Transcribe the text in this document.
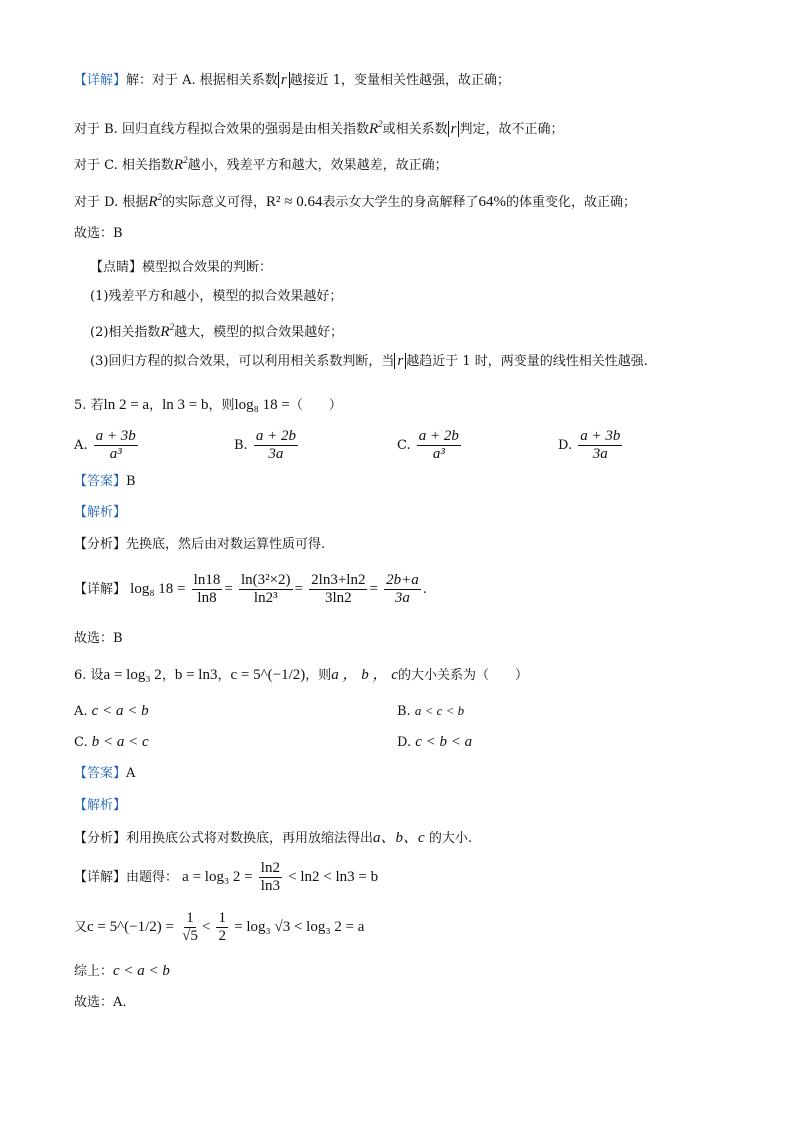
【详解】解：对于 A. 根据相关系数 r 越接近 1，变量相关性越强，故正确；
对于 B. 回归直线方程拟合效果的强弱是由相关指数$R^2$或相关系数 r 判定，故不正确；
对于 C. 相关指数$R^2$越小，残差平方和越大，效果越差，故正确；
对于 D. 根据$R^2$的实际意义可得，R² ≈ 0.64表示女大学生的身高解释了64%的体重变化，故正确；
故选：B
【点睛】模型拟合效果的判断：
(1)残差平方和越小，模型的拟合效果越好；
(2)相关指数$R^2$越大，模型的拟合效果越好；
(3)回归方程的拟合效果，可以利用相关系数判断，当 r 越趋近于 1 时，两变量的线性相关性越强.
5. 若ln 2 = a，ln 3 = b，则log₈ 18 =（　　）
A. $\frac{a + 3b}{\text{a³}}$	B. $\frac{a + 2b}{3a}$	C. $\frac{a + 2b}{\text{a³}}$	D. $\frac{a + 3b}{3a}$
【答案】B
【解析】
【分析】先换底，然后由对数运算性质可得.
【详解】 log₈ $18 = \frac{\ln 18}{\ln 8} = \frac{\text{ln(3²×2)}}{\text{ln2³}} = \frac{2\ln 3+\ln 2}{3\ln 2} = \frac{2b+a}{3a}$ .
故选：B
6. 设a = log₃ 2，b = ln3，c = 5^(−1/2)，则a ， b ， c的大小关系为（　　）
A. c < a < b	B. a < c < b
C. b < a < c	D. c < b < a
【答案】A
【解析】
【分析】利用换底公式将对数换底，再用放缩法得出a、b、c 的大小.
【详解】由题得： a = log₃ $2 = \frac{\ln 2}{\ln 3} < \ln 2 < \ln 3 = b$
又c = 5^(−1/2) = $\frac{1}{√5} < \frac{1}{2} = \log_3$ √3 < log₃ 2 = a
综上：c < a < b
故选：A.
